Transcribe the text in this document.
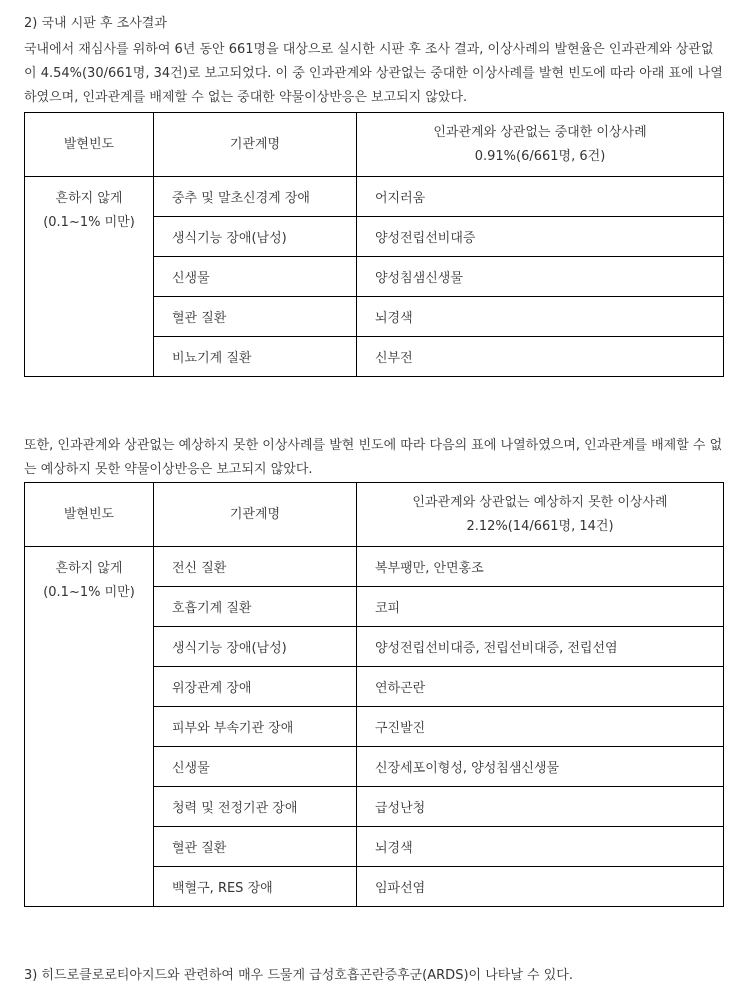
2) 국내 시판 후 조사결과

국내에서 재심사를 위하여 6년 동안 661명을 대상으로 실시한 시판 후 조사 결과, 이상사례의 발현율은 인과관계와 상관없이 4.54%(30/661명, 34건)로 보고되었다. 이 중 인과관계와 상관없는 중대한 이상사례를 발현 빈도에 따라 아래 표에 나열하였으며, 인과관계를 배제할 수 없는 중대한 약물이상반응은 보고되지 않았다.

발현빈도	기관계명	인과관계와 상관없는 중대한 이상사례
0.91%(6/661명, 6건)

흔하지 않게
(0.1~1% 미만)	중추 및 말초신경계 장애	어지러움
	생식기능 장애(남성)	양성전립선비대증
	신생물	양성침샘신생물
	혈관 질환	뇌경색
	비뇨기계 질환	신부전

또한, 인과관계와 상관없는 예상하지 못한 이상사례를 발현 빈도에 따라 다음의 표에 나열하였으며, 인과관계를 배제할 수 없는 예상하지 못한 약물이상반응은 보고되지 않았다.

발현빈도	기관계명	인과관계와 상관없는 예상하지 못한 이상사례
2.12%(14/661명, 14건)

흔하지 않게
(0.1~1% 미만)	전신 질환	복부팽만, 안면홍조
	호흡기계 질환	코피
	생식기능 장애(남성)	양성전립선비대증, 전립선비대증, 전립선염
	위장관계 장애	연하곤란
	피부와 부속기관 장애	구진발진
	신생물	신장세포이형성, 양성침샘신생물
	청력 및 전정기관 장애	급성난청
	혈관 질환	뇌경색
	백혈구, RES 장애	임파선염

3) 히드로클로로티아지드와 관련하여 매우 드물게 급성호흡곤란증후군(ARDS)이 나타날 수 있다.
